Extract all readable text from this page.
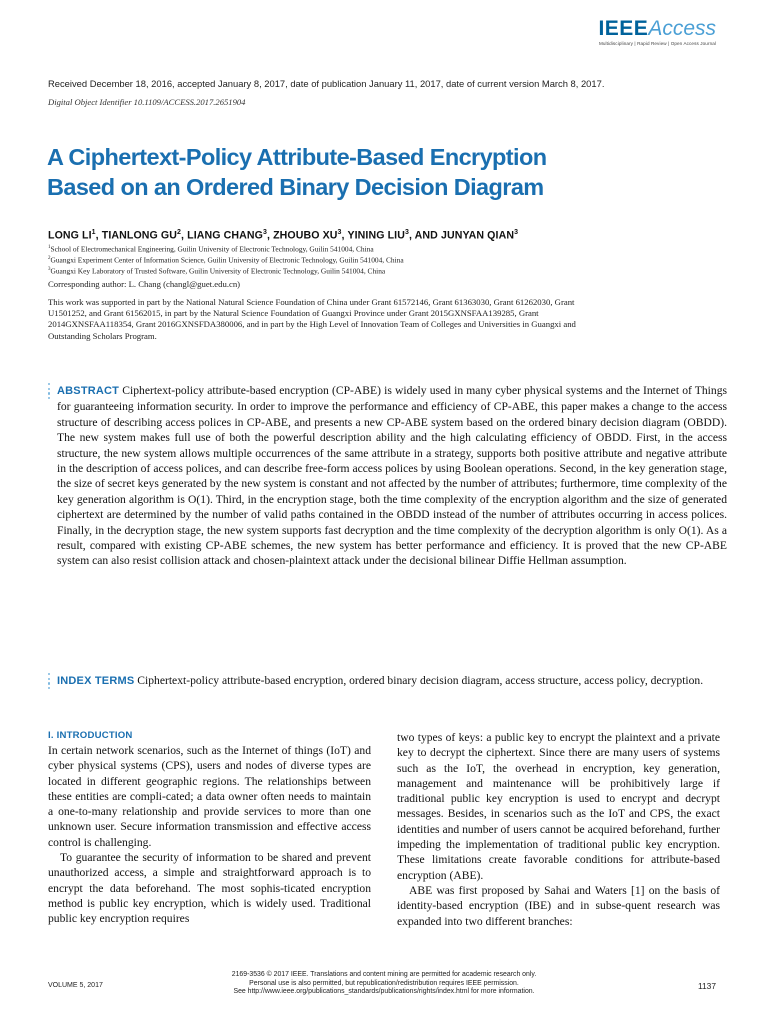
IEEEAccess
Multidisciplinary | Rapid Review | Open Access Journal
Received December 18, 2016, accepted January 8, 2017, date of publication January 11, 2017, date of current version March 8, 2017.
Digital Object Identifier 10.1109/ACCESS.2017.2651904
A Ciphertext-Policy Attribute-Based Encryption
Based on an Ordered Binary Decision Diagram
LONG $LI^1$, TIANLONG $GU^2$, LIANG CHANG$^3$, ZHOUBO $XU^3$, YINING LIU$^3$, AND JUNYAN QIAN$^3$
$^1$School of Electromechanical Engineering, Guilin University of Electronic Technology, Guilin 541004, China
$^2$Guangxi Experiment Center of Information Science, Guilin University of Electronic Technology, Guilin 541004, China
$^3$Guangxi Key Laboratory of Trusted Software, Guilin University of Electronic Technology, Guilin 541004, China
Corresponding author: L. Chang (changl@guet.edu.cn)
This work was supported in part by the National Natural Science Foundation of China under Grant 61572146, Grant 61363030, Grant 61262030, Grant U1501252, and Grant 61562015, in part by the Natural Science Foundation of Guangxi Province under Grant 2015GXNSFAA139285, Grant 2014GXNSFAA118354, Grant 2016GXNSFDA380006, and in part by the High Level of Innovation Team of Colleges and Universities in Guangxi and Outstanding Scholars Program.
ABSTRACT Ciphertext-policy attribute-based encryption (CP-ABE) is widely used in many cyber physical systems and the Internet of Things for guaranteeing information security. In order to improve the performance and efficiency of CP-ABE, this paper makes a change to the access structure of describing access polices in CP-ABE, and presents a new CP-ABE system based on the ordered binary decision diagram (OBDD). The new system makes full use of both the powerful description ability and the high calculating efficiency of OBDD. First, in the access structure, the new system allows multiple occurrences of the same attribute in a strategy, supports both positive attribute and negative attribute in the description of access polices, and can describe free-form access polices by using Boolean operations. Second, in the key generation stage, the size of secret keys generated by the new system is constant and not affected by the number of attributes; furthermore, time complexity of the key generation algorithm is O(1). Third, in the encryption stage, both the time complexity of the encryption algorithm and the size of generated ciphertext are determined by the number of valid paths contained in the OBDD instead of the number of attributes occurring in access polices. Finally, in the decryption stage, the new system supports fast decryption and the time complexity of the decryption algorithm is only O(1). As a result, compared with existing CP-ABE schemes, the new system has better performance and efficiency. It is proved that the new CP-ABE system can also resist collision attack and chosen-plaintext attack under the decisional bilinear Diffie Hellman assumption.
INDEX TERMS Ciphertext-policy attribute-based encryption, ordered binary decision diagram, access structure, access policy, decryption.
I. INTRODUCTION

In certain network scenarios, such as the Internet of things (IoT) and cyber physical systems (CPS), users and nodes of diverse types are located in different geographic regions. The relationships between these entities are compli-cated; a data owner often needs to maintain a one-to-many relationship and provide services to more than one unknown user. Secure information transmission and effective access control is challenging.

To guarantee the security of information to be shared and prevent unauthorized access, a simple and straightforward approach is to encrypt the data beforehand. The most sophis-ticated encryption method is public key encryption, which is widely used. Traditional public key encryption requires

two types of keys: a public key to encrypt the plaintext and a private key to decrypt the ciphertext. Since there are many users of systems such as the IoT, the overhead in encryption, key generation, management and maintenance will be prohibitively large if traditional public key encryption is used to encrypt and decrypt messages. Besides, in scenarios such as the IoT and CPS, the exact identities and number of users cannot be acquired beforehand, further impeding the implementation of traditional public key encryption. These limitations create favorable conditions for attribute-based encryption (ABE).

ABE was first proposed by Sahai and Waters [1] on the basis of identity-based encryption (IBE) and in subse-quent research was expanded into two different branches:

VOLUME 5, 2017
2169-3536 © 2017 IEEE. Translations and content mining are permitted for academic research only.
Personal use is also permitted, but republication/redistribution requires IEEE permission.
See http://www.ieee.org/publications_standards/publications/rights/index.html for more information.
1137
